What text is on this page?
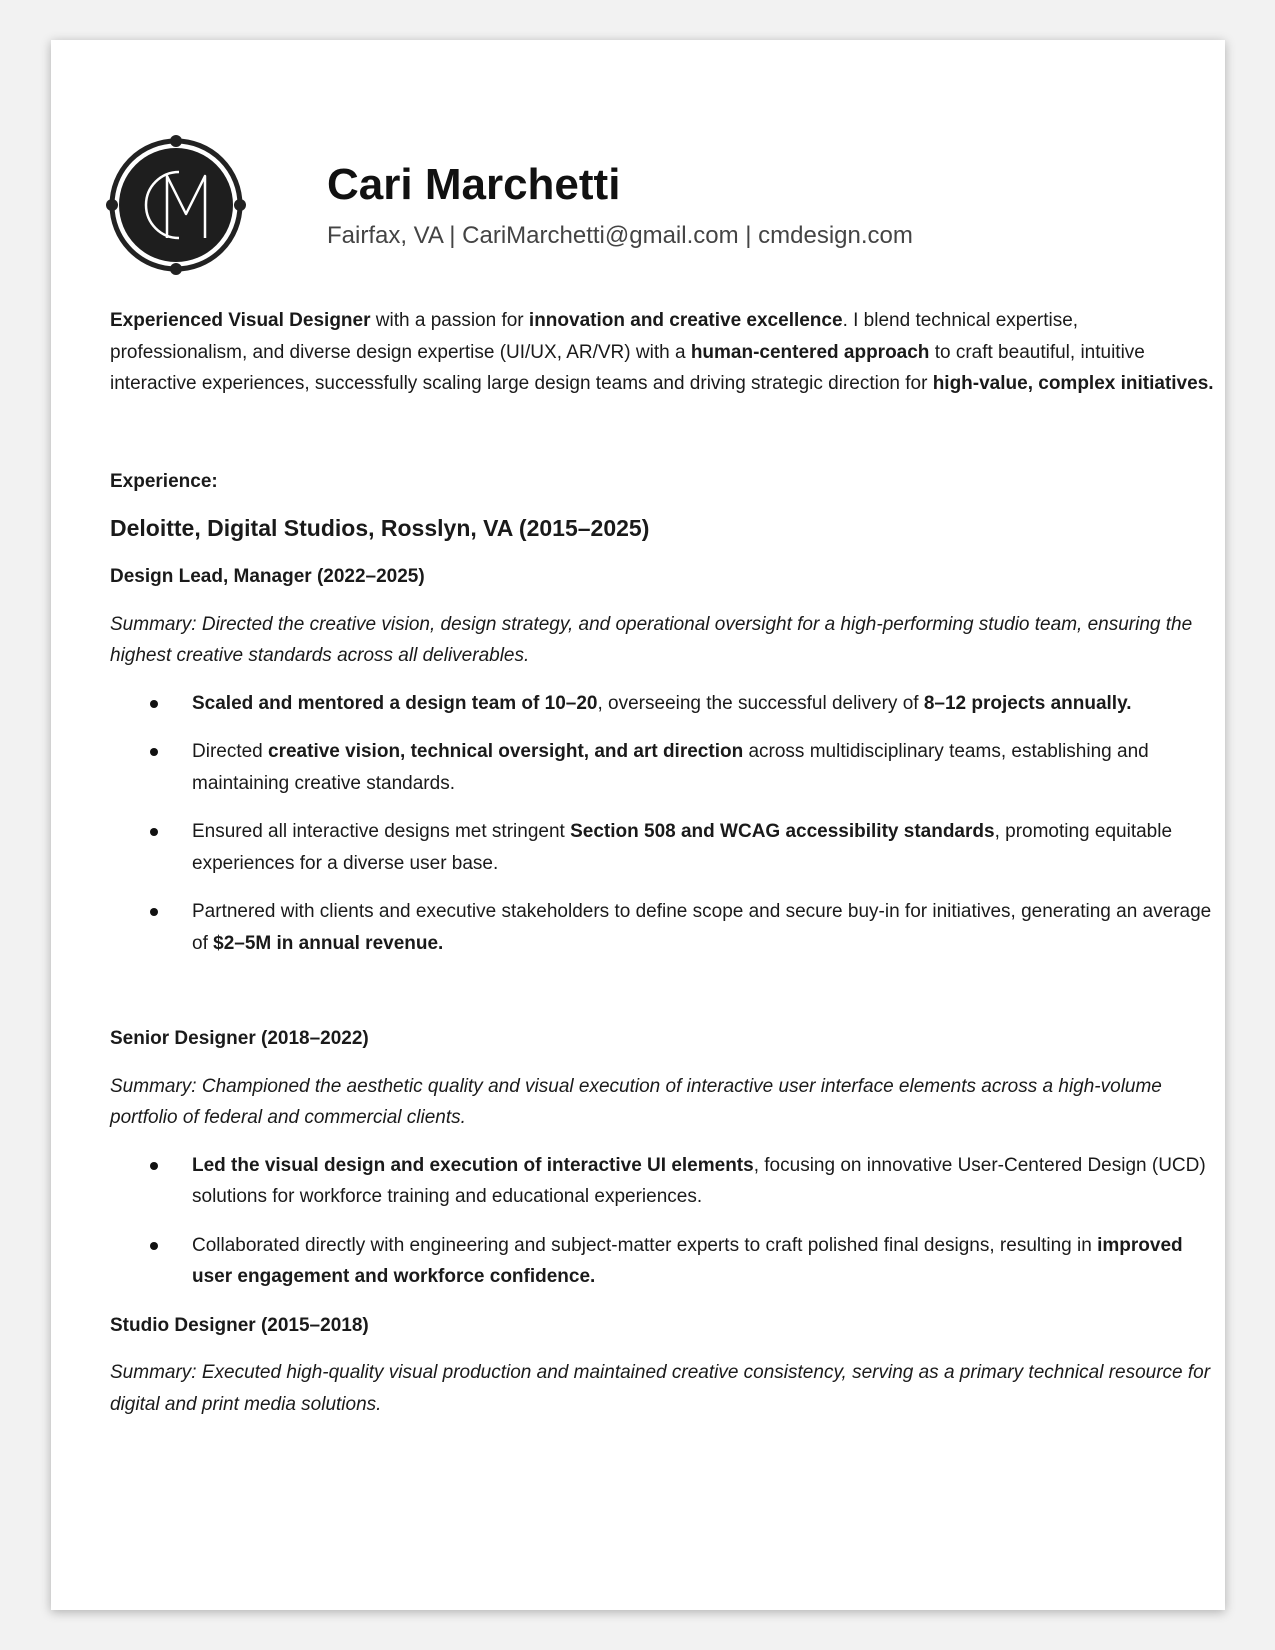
Cari Marchetti
Fairfax, VA | CariMarchetti@gmail.com | cmdesign.com

Experienced Visual Designer with a passion for innovation and creative excellence. I blend technical expertise, professionalism, and diverse design expertise (UI/UX, AR/VR) with a human-centered approach to craft beautiful, intuitive interactive experiences, successfully scaling large design teams and driving strategic direction for high-value, complex initiatives.

Experience:

Deloitte, Digital Studios, Rosslyn, VA (2015–2025)

Design Lead, Manager (2022–2025)

Summary: Directed the creative vision, design strategy, and operational oversight for a high-performing studio team, ensuring the highest creative standards across all deliverables.

Scaled and mentored a design team of 10–20, overseeing the successful delivery of 8–12 projects annually.
Directed creative vision, technical oversight, and art direction across multidisciplinary teams, establishing and maintaining creative standards.
Ensured all interactive designs met stringent Section 508 and WCAG accessibility standards, promoting equitable experiences for a diverse user base.
Partnered with clients and executive stakeholders to define scope and secure buy-in for initiatives, generating an average of $2–5M in annual revenue.

Senior Designer (2018–2022)

Summary: Championed the aesthetic quality and visual execution of interactive user interface elements across a high-volume portfolio of federal and commercial clients.

Led the visual design and execution of interactive UI elements, focusing on innovative User-Centered Design (UCD) solutions for workforce training and educational experiences.
Collaborated directly with engineering and subject-matter experts to craft polished final designs, resulting in improved user engagement and workforce confidence.

Studio Designer (2015–2018)

Summary: Executed high-quality visual production and maintained creative consistency, serving as a primary technical resource for digital and print media solutions.
